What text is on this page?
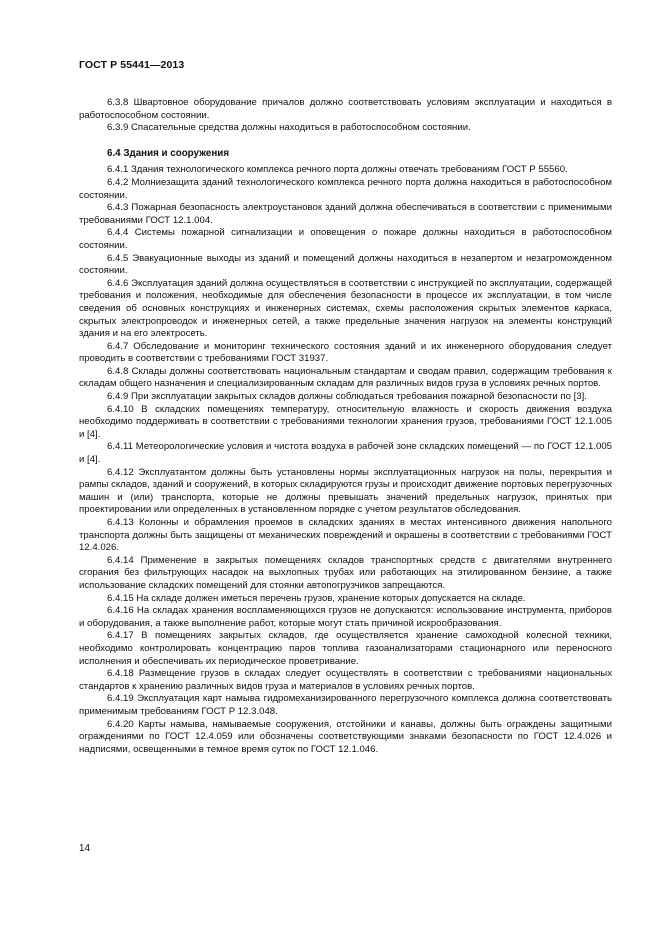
ГОСТ Р 55441—2013

6.3.8 Швартовное оборудование причалов должно соответствовать условиям эксплуатации и находиться в работоспособном состоянии.

6.3.9 Спасательные средства должны находиться в работоспособном состоянии.

6.4 Здания и сооружения

6.4.1 Здания технологического комплекса речного порта должны отвечать требованиям ГОСТ Р 55560.

6.4.2 Молниезащита зданий технологического комплекса речного порта должна находиться в работоспособном состоянии.

6.4.3 Пожарная безопасность электроустановок зданий должна обеспечиваться в соответствии с применимыми требованиями ГОСТ 12.1.004.

6.4.4 Системы пожарной сигнализации и оповещения о пожаре должны находиться в работоспособном состоянии.

6.4.5 Эвакуационные выходы из зданий и помещений должны находиться в незапертом и незагроможденном состоянии.

6.4.6 Эксплуатация зданий должна осуществляться в соответствии с инструкцией по эксплуатации, содержащей требования и положения, необходимые для обеспечения безопасности в процессе их эксплуатации, в том числе сведения об основных конструкциях и инженерных системах, схемы расположения скрытых элементов каркаса, скрытых электропроводок и инженерных сетей, а также предельные значения нагрузок на элементы конструкций здания и на его электросеть.

6.4.7 Обследование и мониторинг технического состояния зданий и их инженерного оборудования следует проводить в соответствии с требованиями ГОСТ 31937.

6.4.8 Склады должны соответствовать национальным стандартам и сводам правил, содержащим требования к складам общего назначения и специализированным складам для различных видов груза в условиях речных портов.

6.4.9 При эксплуатации закрытых складов должны соблюдаться требования пожарной безопасности по [3].

6.4.10 В складских помещениях температуру, относительную влажность и скорость движения воздуха необходимо поддерживать в соответствии с требованиями технологии хранения грузов, требованиями ГОСТ 12.1.005 и [4].

6.4.11 Метеорологические условия и чистота воздуха в рабочей зоне складских помещений — по ГОСТ 12.1.005 и [4].

6.4.12 Эксплуатантом должны быть установлены нормы эксплуатационных нагрузок на полы, перекрытия и рампы складов, зданий и сооружений, в которых складируются грузы и происходит движение портовых перегрузочных машин и (или) транспорта, которые не должны превышать значений предельных нагрузок, принятых при проектировании или определенных в установленном порядке с учетом результатов обследования.

6.4.13 Колонны и обрамления проемов в складских зданиях в местах интенсивного движения напольного транспорта должны быть защищены от механических повреждений и окрашены в соответствии с требованиями ГОСТ 12.4.026.

6.4.14 Применение в закрытых помещениях складов транспортных средств с двигателями внутреннего сгорания без фильтрующих насадок на выхлопных трубах или работающих на этилированном бензине, а также использование складских помещений для стоянки автопогрузчиков запрещаются.

6.4.15 На складе должен иметься перечень грузов, хранение которых допускается на складе.

6.4.16 На складах хранения воспламеняющихся грузов не допускаются: использование инструмента, приборов и оборудования, а также выполнение работ, которые могут стать причиной искрообразования.

6.4.17 В помещениях закрытых складов, где осуществляется хранение самоходной колесной техники, необходимо контролировать концентрацию паров топлива газоанализаторами стационарного или переносного исполнения и обеспечивать их периодическое проветривание.

6.4.18 Размещение грузов в складах следует осуществлять в соответствии с требованиями национальных стандартов к хранению различных видов груза и материалов в условиях речных портов.

6.4.19 Эксплуатация карт намыва гидромеханизированного перегрузочного комплекса должна соответствовать применимым требованиям ГОСТ Р 12.3.048.

6.4.20 Карты намыва, намываемые сооружения, отстойники и канавы, должны быть ограждены защитными ограждениями по ГОСТ 12.4.059 или обозначены соответствующими знаками безопасности по ГОСТ 12.4.026 и надписями, освещенными в темное время суток по ГОСТ 12.1.046.

14
